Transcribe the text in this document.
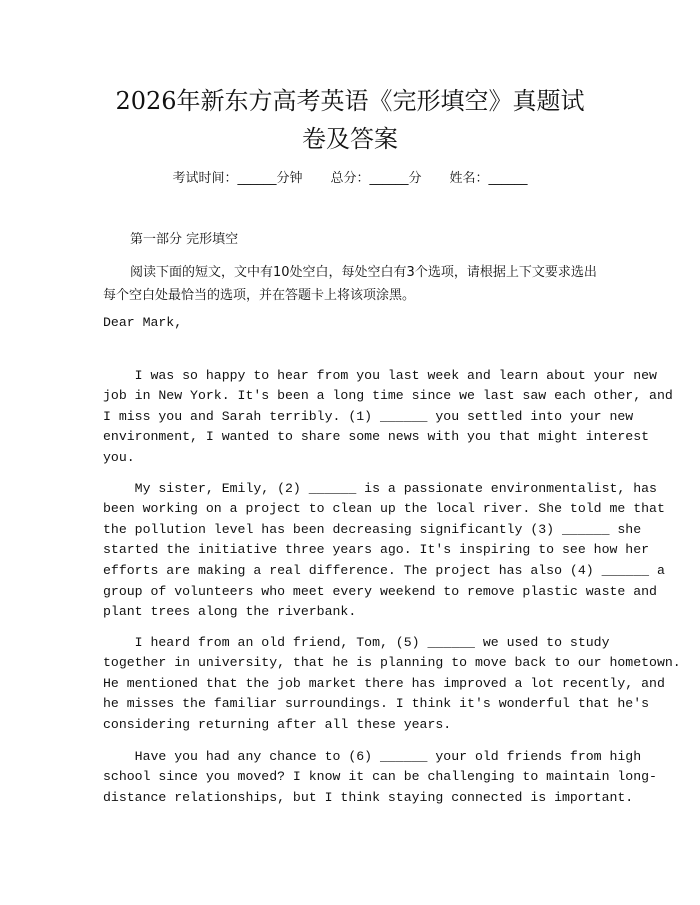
2026年新东方高考英语《完形填空》真题试
卷及答案
考试时间：______分钟 总分：______分 姓名：______
第一部分 完形填空

阅读下面的短文，文中有10处空白，每处空白有3个选项，请根据上下文要求选出每个空白处最恰当的选项，并在答题卡上将该项涂黑。

Dear Mark,

I was so happy to hear from you last week and learn about your new
job in New York. It's been a long time since we last saw each other, and
I miss you and Sarah terribly. (1) ______ you settled into your new
environment, I wanted to share some news with you that might interest
you.

My sister, Emily, (2) ______ is a passionate environmentalist, has
been working on a project to clean up the local river. She told me that
the pollution level has been decreasing significantly (3) ______ she
started the initiative three years ago. It's inspiring to see how her
efforts are making a real difference. The project has also (4) ______ a
group of volunteers who meet every weekend to remove plastic waste and
plant trees along the riverbank.

I heard from an old friend, Tom, (5) ______ we used to study
together in university, that he is planning to move back to our hometown.
He mentioned that the job market there has improved a lot recently, and
he misses the familiar surroundings. I think it's wonderful that he's
considering returning after all these years.

Have you had any chance to (6) ______ your old friends from high
school since you moved? I know it can be challenging to maintain long-
distance relationships, but I think staying connected is important.
